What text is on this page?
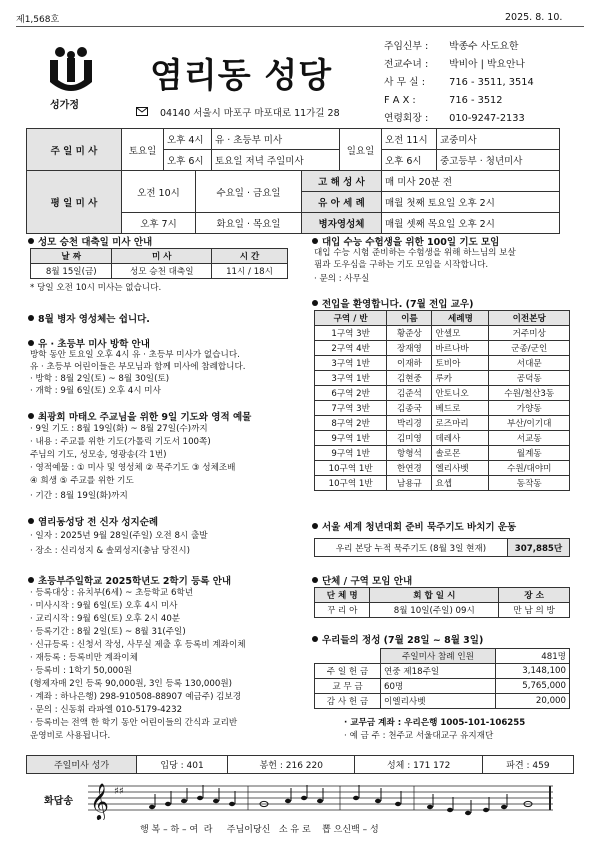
제1,568호	2025. 8. 10.
성가정
염리동 성당
04140 서울시 마포구 마포대로 11가길 28
주임신부 : 박종수 사도요한
전교수녀 : 박비아 | 박요안나
사 무 실 : 716 - 3511, 3514
F A X :	716 - 3512
연령회장 : 010-9247-2133
주 일 미 사	토요일	오후 4시	유 · 초등부 미사	일요일	오전 11시	교중미사
		오후 6시	토요일 저녁 주일미사		오후 6시	중고등부 · 청년미사
평 일 미 사	오전 10시	수요일 · 금요일	고 해 성 사	매 미사 20분 전
			유 아 세 례	매월 첫째 토요일 오후 2시
	오후 7시	화요일 · 목요일	병자영성체	매월 셋째 목요일 오후 2시
성모 승천 대축일 미사 안내
날 짜	미 사	시 간
8월 15일(금)	성모 승천 대축일	11시 / 18시
* 당일 오전 10시 미사는 없습니다.
8월 병자 영성체는 쉽니다.
유 · 초등부 미사 방학 안내
방학 동안 토요일 오후 4시 유 · 초등부 미사가 없습니다.
유 · 초등부 어린이들은 부모님과 함께 미사에 참례합니다.
· 방학 : 8월 2일(토) ~ 8월 30일(토)
· 개학 : 9월 6일(토) 오후 4시 미사
최광희 마태오 주교님을 위한 9일 기도와 영적 예물
· 9일 기도 : 8월 19일(화) ~ 8월 27일(수)까지
· 내용 : 주교를 위한 기도(가톨릭 기도서 100쪽)
주님의 기도, 성모송, 영광송(각 1번)
· 영적예물 : ① 미사 및 영성체 ② 묵주기도 ③ 성체조배
④ 희생 ⑤ 주교를 위한 기도
· 기간 : 8월 19일(화)까지
염리동성당 전 신자 성지순례
· 일자 : 2025년 9월 28일(주일) 오전 8시 출발
· 장소 : 신리성지 & 솔뫼성지(충남 당진시)
초등부주일학교 2025학년도 2학기 등록 안내
· 등록대상 : 유치부(6세) ~ 초등학교 6학년
· 미사시작 : 9월 6일(토) 오후 4시 미사
· 교리시작 : 9월 6일(토) 오후 2시 40분
· 등록기간 : 8월 2일(토) ~ 8월 31(주일)
· 신규등록 : 신청서 작성, 사무실 제출 후 등록비 계좌이체
· 재등록 : 등록비만 계좌이체
· 등록비 : 1학기 50,000원
(형제자매 2인 등록 90,000원, 3인 등록 130,000원)
· 계좌 : 하나은행) 298-910508-88907 예금주) 김보경
· 문의 : 신동휘 라파엘 010-5179-4232
· 등록비는 전액 한 학기 동안 어린이들의 간식과 교리반
운영비로 사용됩니다.
대입 수능 수험생을 위한 100일 기도 모임
대입 수능 시험 준비하는 수험생을 위해 하느님의 보살
핌과 도우심을 구하는 기도 모임을 시작합니다.
· 문의 : 사무실
전입을 환영합니다. (7월 전입 교우)
구역 / 반	이름	세례명	이전본당
1구역 3반	황준상	안셀모	거주미상
2구역 4반	장재영	바르나바	군종/군인
3구역 1반	이재하	토비아	서대문
3구역 1반	김현중	루카	공덕동
6구역 2반	김준석	안토니오	수원/철산3동
7구역 3반	김종국	베드로	가양동
8구역 2반	박리경	로즈마리	부산/이기대
9구역 1반	김미영	데레사	서교동
9구역 1반	항형석	솔로몬	월계동
10구역 1반	한연경	엘리사벳	수원/대야미
10구역 1반	남용규	요셉	동작동
서울 세계 청년대회 준비 묵주기도 바치기 운동
우리 본당 누적 묵주기도 (8월 3일 현재)	307,885단
단체 / 구역 모임 안내
단 체 명	회 합 일 시	장 소
꾸 리 아	8월 10일(주일) 09시	만 남 의 방
우리들의 정성 (7월 28일 ~ 8월 3일)
	주일미사 참례 인원	481명
주 일 헌 금	연중 제18주일	3,148,100
교 무 금	60명	5,765,000
감 사 헌 금	이엘리사벳	20,000
· 교무금 계좌 : 우리은행 1005-101-106255
· 예 금 주 : 천주교 서울대교구 유지재단
주일미사 성가	입당 : 401	봉헌 : 216 220	성체 : 171 172	파견 : 459
화답송 𝄞 ♯♯
행 복 – 하 – 여  라     주님이당신   소 유 로    뽑 으신백 – 성
